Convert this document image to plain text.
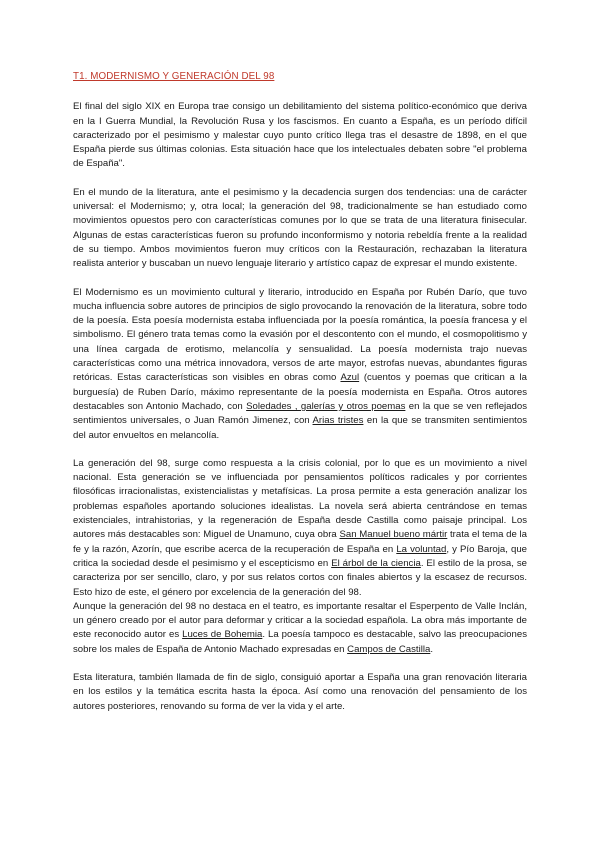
T1. MODERNISMO Y GENERACIÓN DEL 98

El final del siglo XIX en Europa trae consigo un debilitamiento del sistema político-económico que deriva en la I Guerra Mundial, la Revolución Rusa y los fascismos. En cuanto a España, es un período difícil caracterizado por el pesimismo y malestar cuyo punto crítico llega tras el desastre de 1898, en el que España pierde sus últimas colonias. Esta situación hace que los intelectuales debaten sobre "el problema de España".

En el mundo de la literatura, ante el pesimismo y la decadencia surgen dos tendencias: una de carácter universal: el Modernismo; y, otra local; la generación del 98, tradicionalmente se han estudiado como movimientos opuestos pero con características comunes por lo que se trata de una literatura finisecular. Algunas de estas características fueron su profundo inconformismo y notoria rebeldía frente a la realidad de su tiempo. Ambos movimientos fueron muy críticos con la Restauración, rechazaban la literatura realista anterior y buscaban un nuevo lenguaje literario y artístico capaz de expresar el mundo existente.

El Modernismo es un movimiento cultural y literario, introducido en España por Rubén Darío, que tuvo mucha influencia sobre autores de principios de siglo provocando la renovación de la literatura, sobre todo de la poesía. Esta poesía modernista estaba influenciada por la poesía romántica, la poesía francesa y el simbolismo. El género trata temas como la evasión por el descontento con el mundo, el cosmopolitismo y una línea cargada de erotismo, melancolía y sensualidad. La poesía modernista trajo nuevas características como una métrica innovadora, versos de arte mayor, estrofas nuevas, abundantes figuras retóricas. Estas características son visibles en obras como Azul (cuentos y poemas que critican a la burguesía) de Ruben Darío, máximo representante de la poesía modernista en España. Otros autores destacables son Antonio Machado, con Soledades , galerías y otros poemas en la que se ven reflejados sentimientos universales, o Juan Ramón Jimenez, con Arias tristes en la que se transmiten sentimientos del autor envueltos en melancolía.

La generación del 98, surge como respuesta a la crisis colonial, por lo que es un movimiento a nivel nacional. Esta generación se ve influenciada por pensamientos políticos radicales y por corrientes filosóficas irracionalistas, existencialistas y metafísicas. La prosa permite a esta generación analizar los problemas españoles aportando soluciones idealistas. La novela será abierta centrándose en temas existenciales, intrahistorias, y la regeneración de España desde Castilla como paisaje principal. Los autores más destacables son: Miguel de Unamuno, cuya obra San Manuel bueno mártir trata el tema de la fe y la razón, Azorín, que escribe acerca de la recuperación de España en La voluntad, y Pío Baroja, que critica la sociedad desde el pesimismo y el escepticismo en El árbol de la ciencia. El estilo de la prosa, se caracteriza por ser sencillo, claro, y por sus relatos cortos con finales abiertos y la escasez de recursos. Esto hizo de este, el género por excelencia de la generación del 98.

Aunque la generación del 98 no destaca en el teatro, es importante resaltar el Esperpento de Valle Inclán, un género creado por el autor para deformar y criticar a la sociedad española. La obra más importante de este reconocido autor es Luces de Bohemia. La poesía tampoco es destacable, salvo las preocupaciones sobre los males de España de Antonio Machado expresadas en Campos de Castilla.

Esta literatura, también llamada de fin de siglo, consiguió aportar a España una gran renovación literaria en los estilos y la temática escrita hasta la época. Así como una renovación del pensamiento de los autores posteriores, renovando su forma de ver la vida y el arte.
